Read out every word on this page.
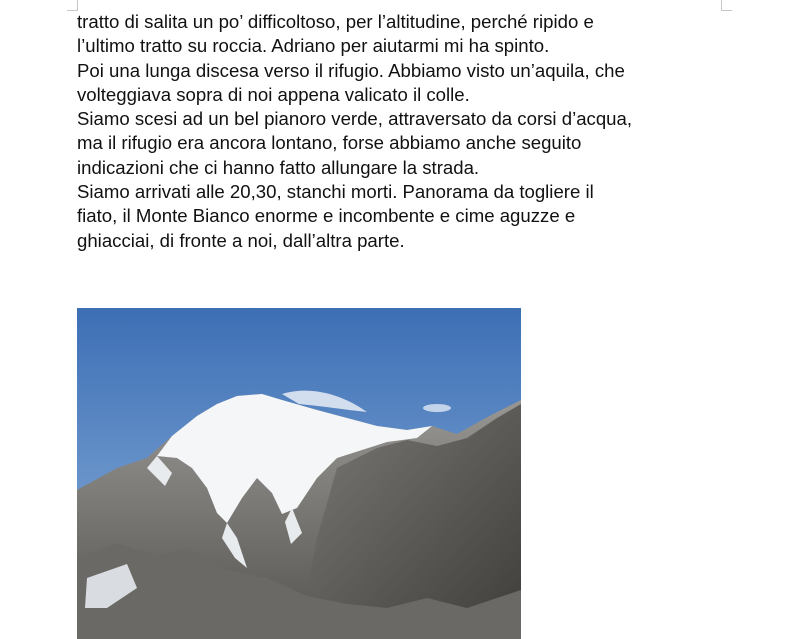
tratto di salita un po’ difficoltoso, per l’altitudine, perché ripido e

l’ultimo tratto su roccia. Adriano per aiutarmi mi ha spinto.

Poi una lunga discesa verso il rifugio. Abbiamo visto un’aquila, che

volteggiava sopra di noi appena valicato il colle.

Siamo scesi ad un bel pianoro verde, attraversato da corsi d’acqua,

ma il rifugio era ancora lontano, forse abbiamo anche seguito

indicazioni che ci hanno fatto allungare la strada.

Siamo arrivati alle 20,30, stanchi morti. Panorama da togliere il

fiato, il Monte Bianco enorme e incombente e cime aguzze e

ghiacciai, di fronte a noi, dall’altra parte.
